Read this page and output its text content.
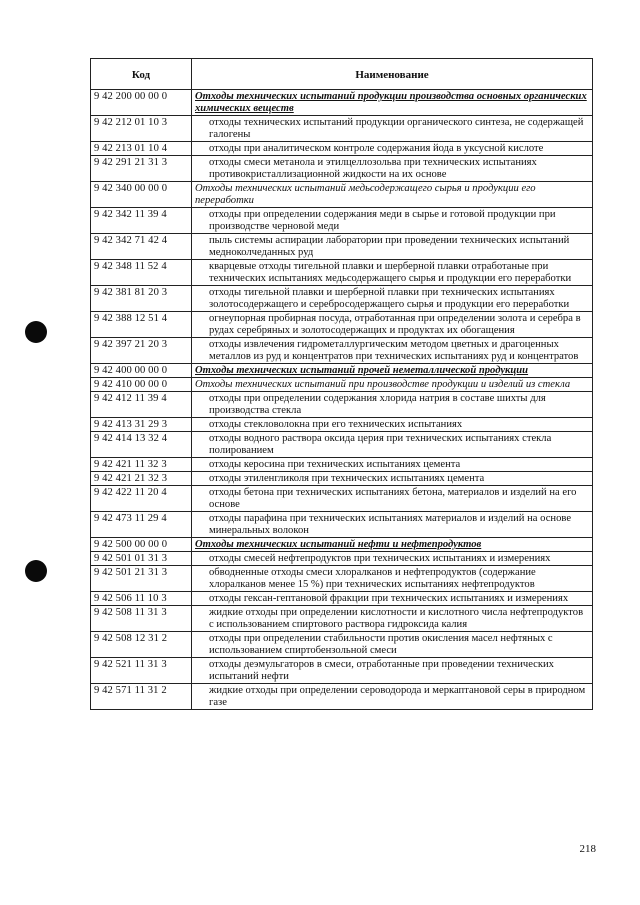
Код	Наименование
9 42 200 00 00 0	Отходы технических испытаний продукции производства основных органических химических веществ
9 42 212 01 10 3	отходы технических испытаний продукции органического синтеза, не содержащей галогены

9 42 213 01 10 4	отходы при аналитическом контроле содержания йода в уксусной кислоте

9 42 291 21 31 3	отходы смеси метанола и этилцеллозольва при технических испытаниях противокристаллизационной жидкости на их основе

9 42 340 00 00 0	Отходы технических испытаний медьсодержащего сырья и продукции его переработки
9 42 342 11 39 4	отходы при определении содержания меди в сырье и готовой продукции при производстве черновой меди

9 42 342 71 42 4	пыль системы аспирации лаборатории при проведении технических испытаний медноколчеданных руд

9 42 348 11 52 4	кварцевые отходы тигельной плавки и шерберной плавки отработаные при технических испытаниях медьсодержащего сырья и продукции его переработки

9 42 381 81 20 3	отходы тигельной плавки и шерберной плавки при технических испытаниях золотосодержащего и серебросодержащего сырья и продукции его переработки

9 42 388 12 51 4	огнеупорная пробирная посуда, отработанная при определении золота и серебра в рудах серебряных и золотосодержащих и продуктах их обогащения

9 42 397 21 20 3	отходы извлечения гидрометаллургическим методом цветных и драгоценных металлов из руд и концентратов при технических испытаниях руд и концентратов

9 42 400 00 00 0	Отходы технических испытаний прочей неметаллической продукции
9 42 410 00 00 0	Отходы технических испытаний при производстве продукции и изделий из стекла
9 42 412 11 39 4	отходы при определении содержания хлорида натрия в составе шихты для производства стекла

9 42 413 31 29 3	отходы стекловолокна при его технических испытаниях

9 42 414 13 32 4	отходы водного раствора оксида церия при технических испытаниях стекла полированием

9 42 421 11 32 3	отходы керосина при технических испытаниях цемента

9 42 421 21 32 3	отходы этиленгликоля при технических испытаниях цемента

9 42 422 11 20 4	отходы бетона при технических испытаниях бетона, материалов и изделий на его основе

9 42 473 11 29 4	отходы парафина при технических испытаниях материалов и изделий на основе минеральных волокон

9 42 500 00 00 0	Отходы технических испытаний нефти и нефтепродуктов
9 42 501 01 31 3	отходы смесей нефтепродуктов при технических испытаниях и измерениях

9 42 501 21 31 3	обводненные отходы смеси хлоралканов и нефтепродуктов (содержание хлоралканов менее 15 %) при технических испытаниях нефтепродуктов

9 42 506 11 10 3	отходы гексан-гептановой фракции при технических испытаниях и измерениях

9 42 508 11 31 3	жидкие отходы при определении кислотности и кислотного числа нефтепродуктов с использованием спиртового раствора гидроксида калия

9 42 508 12 31 2	отходы при определении стабильности против окисления масел нефтяных с использованием спиртобензольной смеси

9 42 521 11 31 3	отходы деэмульгаторов в смеси, отработанные при проведении технических испытаний нефти

9 42 571 11 31 2	жидкие отходы при определении сероводорода и меркаптановой серы в природном газе
218
